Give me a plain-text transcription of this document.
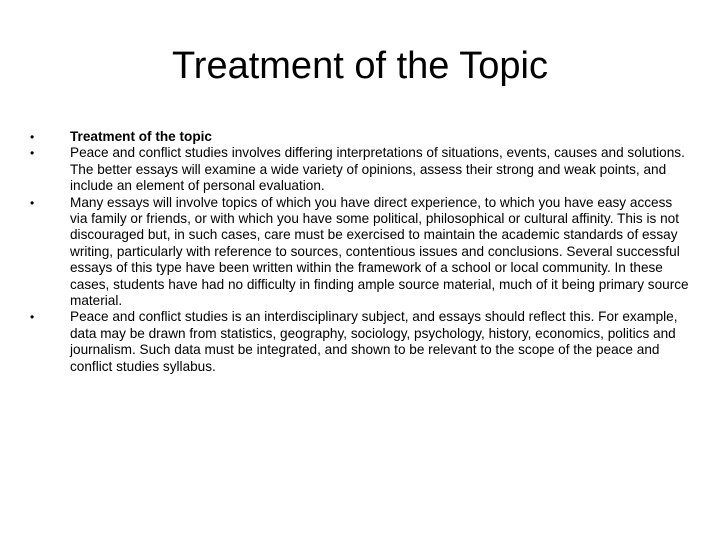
Treatment of the Topic
•	Treatment of the topic
•	Peace and conflict studies involves differing interpretations of situations, events, causes and solutions. The better essays will examine a wide variety of opinions, assess their strong and weak points, and include an element of personal evaluation.
•	Many essays will involve topics of which you have direct experience, to which you have easy access via family or friends, or with which you have some political, philosophical or cultural affinity. This is not discouraged but, in such cases, care must be exercised to maintain the academic standards of essay writing, particularly with reference to sources, contentious issues and conclusions. Several successful essays of this type have been written within the framework of a school or local community. In these cases, students have had no difficulty in finding ample source material, much of it being primary source material.
•	Peace and conflict studies is an interdisciplinary subject, and essays should reflect this. For example, data may be drawn from statistics, geography, sociology, psychology, history, economics, politics and journalism. Such data must be integrated, and shown to be relevant to the scope of the peace and conflict studies syllabus.
